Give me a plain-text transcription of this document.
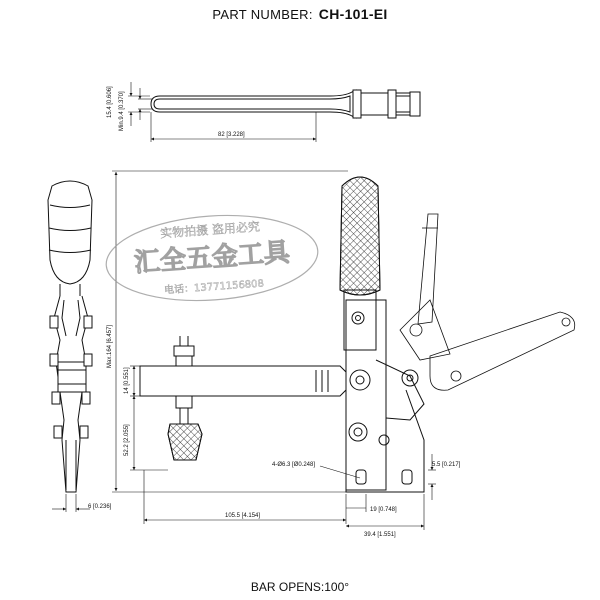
PART NUMBER: CH-101-EI
15.4 [0.606] Min.9.4 [0.370]
82 [3.228]
6 [0.236]
Max.164 [6.457]
14 [0.551]
52.2 [2.055]
4-Ø6.3 [Ø0.248]	5.5 [0.217]
19 [0.748]
39.4 [1.551]
105.5 [4.154]
实物拍摄 盗用必究
汇全五金工具
电话：13771156808
BAR OPENS:100°
